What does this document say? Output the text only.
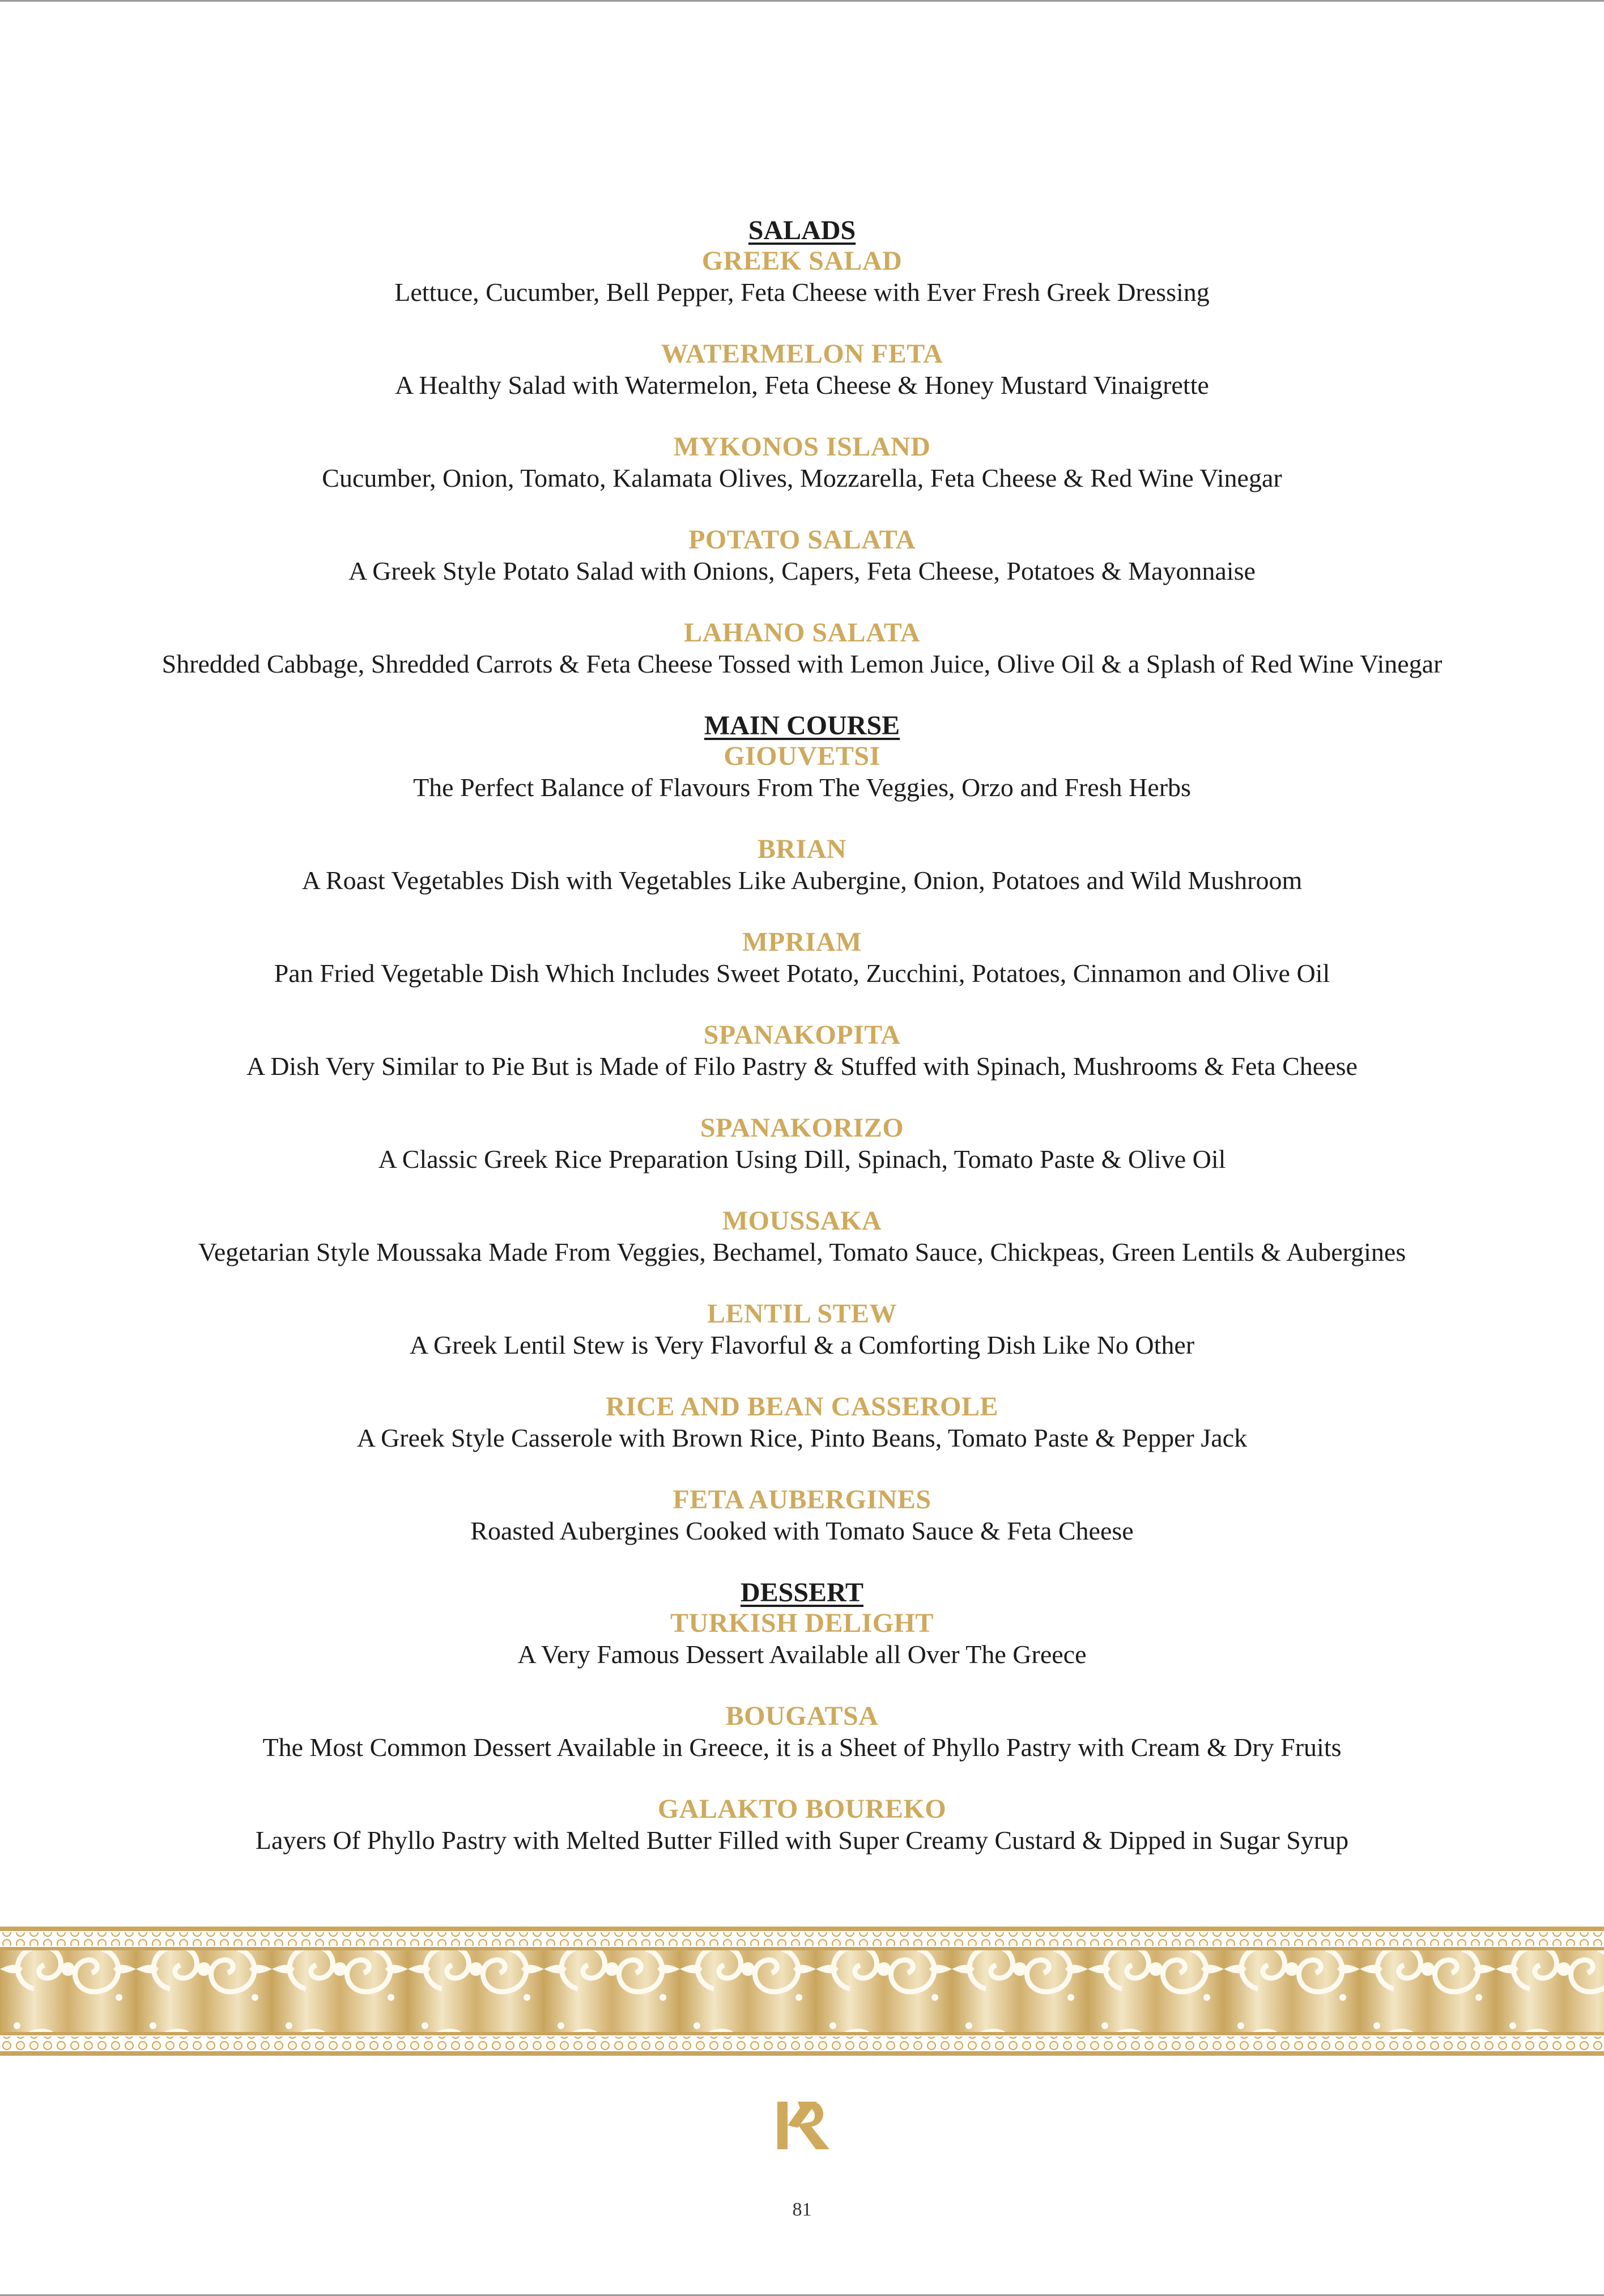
SALADS
GREEK SALAD
Lettuce, Cucumber, Bell Pepper, Feta Cheese with Ever Fresh Greek Dressing
WATERMELON FETA
A Healthy Salad with Watermelon, Feta Cheese & Honey Mustard Vinaigrette
MYKONOS ISLAND
Cucumber, Onion, Tomato, Kalamata Olives, Mozzarella, Feta Cheese & Red Wine Vinegar
POTATO SALATA
A Greek Style Potato Salad with Onions, Capers, Feta Cheese, Potatoes & Mayonnaise
LAHANO SALATA
Shredded Cabbage, Shredded Carrots & Feta Cheese Tossed with Lemon Juice, Olive Oil & a Splash of Red Wine Vinegar
MAIN COURSE
GIOUVETSI
The Perfect Balance of Flavours From The Veggies, Orzo and Fresh Herbs
BRIAN
A Roast Vegetables Dish with Vegetables Like Aubergine, Onion, Potatoes and Wild Mushroom
MPRIAM
Pan Fried Vegetable Dish Which Includes Sweet Potato, Zucchini, Potatoes, Cinnamon and Olive Oil
SPANAKOPITA
A Dish Very Similar to Pie But is Made of Filo Pastry & Stuffed with Spinach, Mushrooms & Feta Cheese
SPANAKORIZO
A Classic Greek Rice Preparation Using Dill, Spinach, Tomato Paste & Olive Oil
MOUSSAKA
Vegetarian Style Moussaka Made From Veggies, Bechamel, Tomato Sauce, Chickpeas, Green Lentils & Aubergines
LENTIL STEW
A Greek Lentil Stew is Very Flavorful & a Comforting Dish Like No Other
RICE AND BEAN CASSEROLE
A Greek Style Casserole with Brown Rice, Pinto Beans, Tomato Paste & Pepper Jack
FETA AUBERGINES
Roasted Aubergines Cooked with Tomato Sauce & Feta Cheese
DESSERT
TURKISH DELIGHT
A Very Famous Dessert Available all Over The Greece
BOUGATSA
The Most Common Dessert Available in Greece, it is a Sheet of Phyllo Pastry with Cream & Dry Fruits
GALAKTO BOUREKO
Layers Of Phyllo Pastry with Melted Butter Filled with Super Creamy Custard & Dipped in Sugar Syrup
81
